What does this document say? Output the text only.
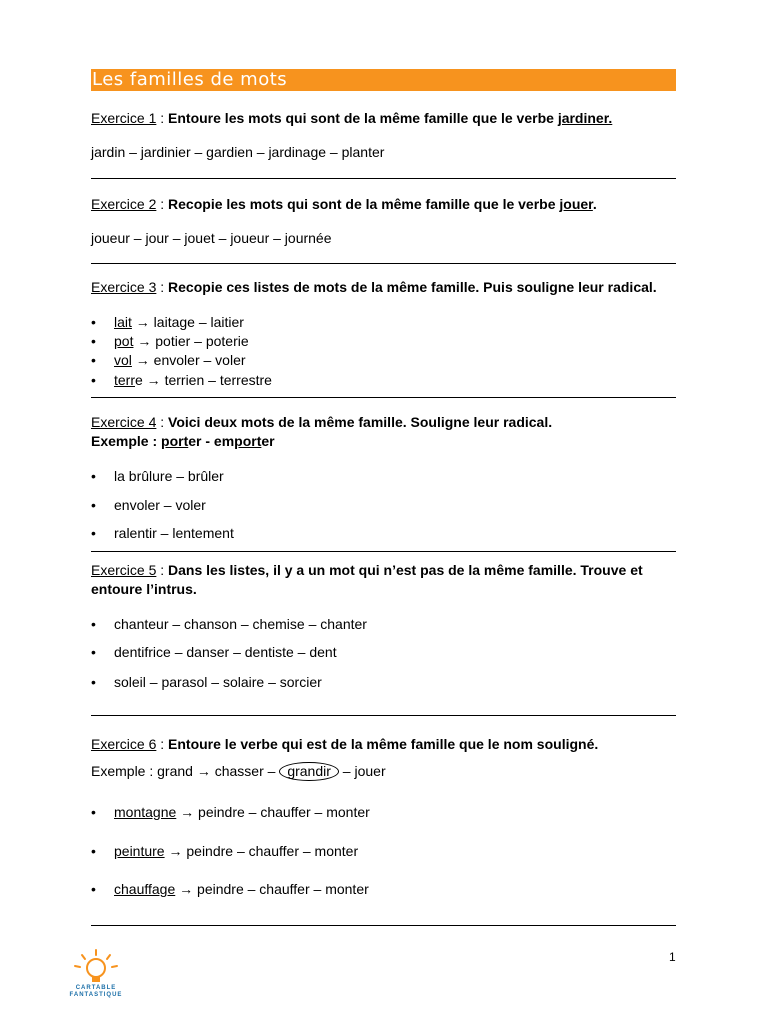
Les familles de mots
Exercice 1 : Entoure les mots qui sont de la même famille que le verbe jardiner.
jardin – jardinier – gardien – jardinage – planter
Exercice 2 : Recopie les mots qui sont de la même famille que le verbe jouer.
joueur – jour – jouet – joueur – journée
Exercice 3 : Recopie ces listes de mots de la même famille. Puis souligne leur radical.
•	lait → laitage – laitier
•	pot → potier – poterie
•	vol → envoler – voler
•	terre → terrien – terrestre
Exercice 4 : Voici deux mots de la même famille. Souligne leur radical.
Exemple : porter - emporter
•	la brûlure – brûler
•	envoler – voler
•	ralentir – lentement
Exercice 5 : Dans les listes, il y a un mot qui n’est pas de la même famille. Trouve et
entoure l’intrus.
•	chanteur – chanson – chemise – chanter
•	dentifrice – danser – dentiste – dent
•	soleil – parasol – solaire – sorcier
Exercice 6 : Entoure le verbe qui est de la même famille que le nom souligné.
Exemple : grand → chasser – grandir – jouer
•	montagne → peindre – chauffer – monter
•	peinture → peindre – chauffer – monter
•	chauffage → peindre – chauffer – monter
1
CARTABLE
FANTASTIQUE
